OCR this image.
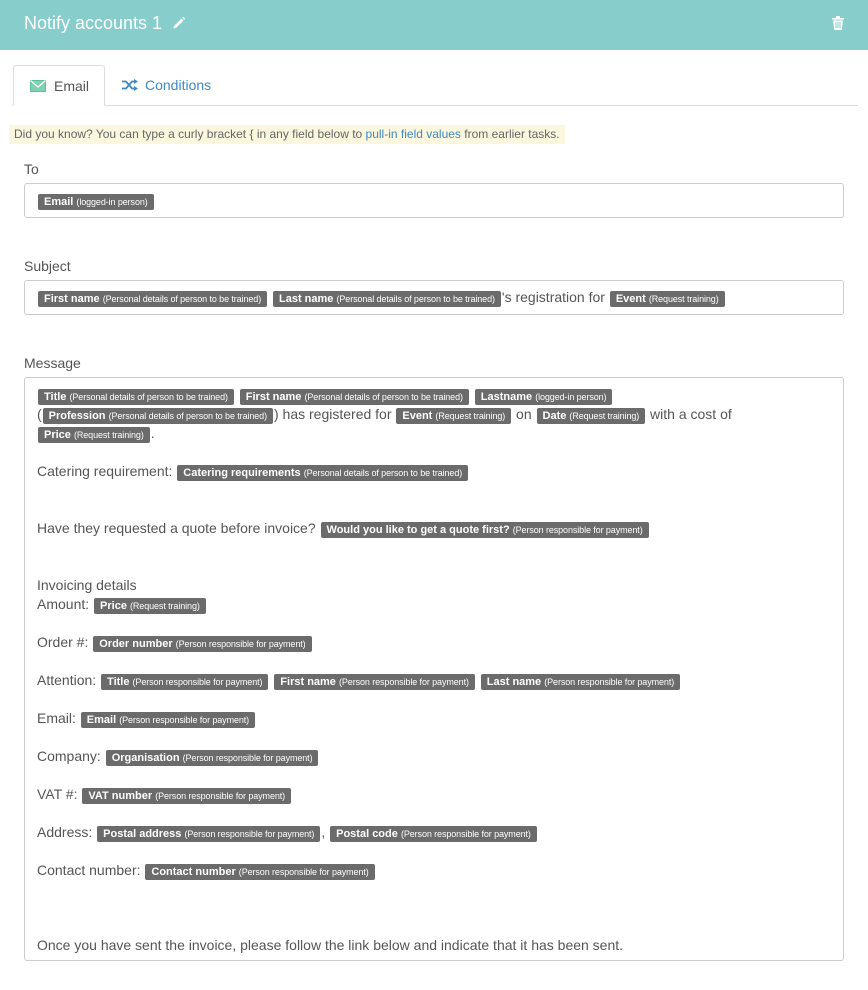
Notify accounts 1
Email	Conditions
Did you know? You can type a curly bracket { in any field below to pull-in field values from earlier tasks.
To
Email (logged-in person)
Subject
First name (Personal details of person to be trained) Last name (Personal details of person to be trained) 's registration for Event (Request training)
Message
Title (Personal details of person to be trained) First name (Personal details of person to be trained) Lastname (logged-in person)
( Profession (Personal details of person to be trained) ) has registered for Event (Request training) on Date (Request training) with a cost of
Price (Request training) .
Catering requirement: Catering requirements (Personal details of person to be trained)
Have they requested a quote before invoice? Would you like to get a quote first? (Person responsible for payment)
Invoicing details
Amount: Price (Request training)
Order #: Order number (Person responsible for payment)
Attention: Title (Person responsible for payment) First name (Person responsible for payment) Last name (Person responsible for payment)
Email: Email (Person responsible for payment)
Company: Organisation (Person responsible for payment)
VAT #: VAT number (Person responsible for payment)
Address: Postal address (Person responsible for payment) , Postal code (Person responsible for payment)
Contact number: Contact number (Person responsible for payment)
Once you have sent the invoice, please follow the link below and indicate that it has been sent.
